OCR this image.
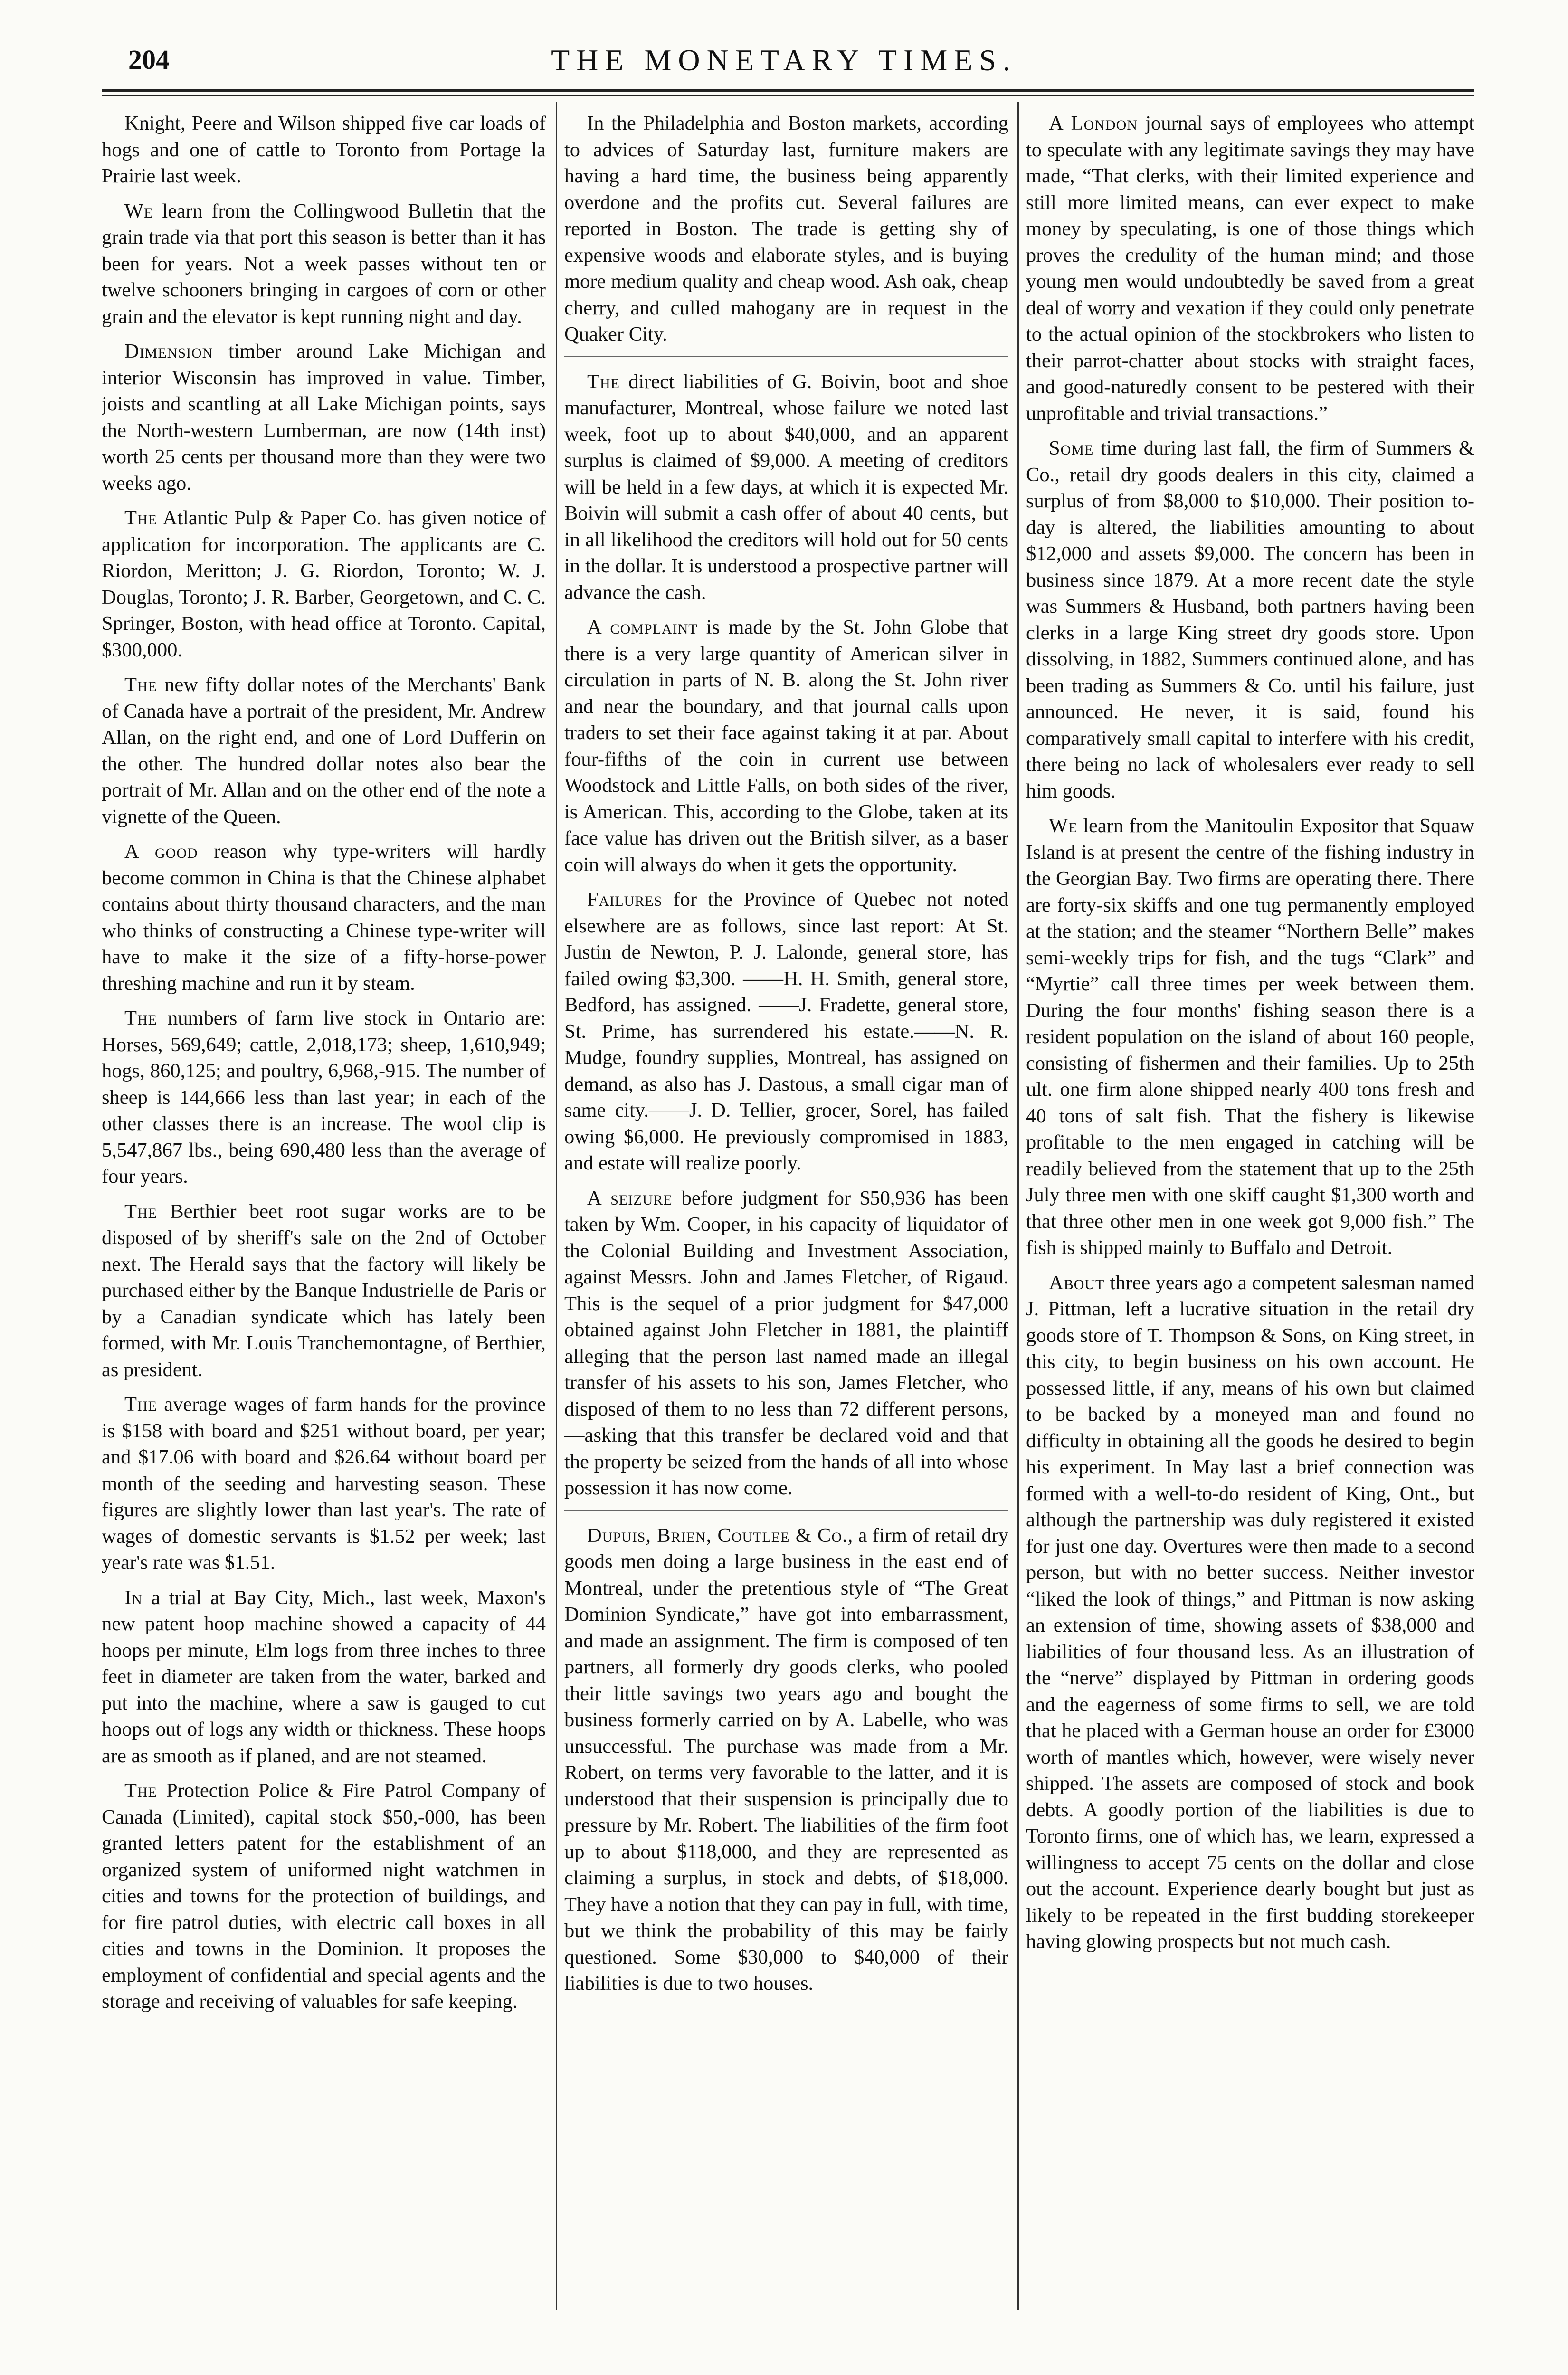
204	THE MONETARY TIMES.

Knight, Peere and Wilson shipped five car loads of hogs and one of cattle to Toronto from Portage la Prairie last week.

We learn from the Collingwood Bulletin that the grain trade via that port this season is better than it has been for years. Not a week passes without ten or twelve schooners bringing in cargoes of corn or other grain and the elevator is kept running night and day.

Dimension timber around Lake Michigan and interior Wisconsin has improved in value. Timber, joists and scantling at all Lake Michigan points, says the North-western Lumberman, are now (14th inst) worth 25 cents per thousand more than they were two weeks ago.

The Atlantic Pulp & Paper Co. has given notice of application for incorporation. The applicants are C. Riordon, Meritton; J. G. Riordon, Toronto; W. J. Douglas, Toronto; J. R. Barber, Georgetown, and C. C. Springer, Boston, with head office at Toronto. Capital, $300,000.

The new fifty dollar notes of the Merchants' Bank of Canada have a portrait of the president, Mr. Andrew Allan, on the right end, and one of Lord Dufferin on the other. The hundred dollar notes also bear the portrait of Mr. Allan and on the other end of the note a vignette of the Queen.

A good reason why type-writers will hardly become common in China is that the Chinese alphabet contains about thirty thousand characters, and the man who thinks of constructing a Chinese type-writer will have to make it the size of a fifty-horse-power threshing machine and run it by steam.

The numbers of farm live stock in Ontario are: Horses, 569,649; cattle, 2,018,173; sheep, 1,610,949; hogs, 860,125; and poultry, 6,968,-915. The number of sheep is 144,666 less than last year; in each of the other classes there is an increase. The wool clip is 5,547,867 lbs., being 690,480 less than the average of four years.

The Berthier beet root sugar works are to be disposed of by sheriff's sale on the 2nd of October next. The Herald says that the factory will likely be purchased either by the Banque Industrielle de Paris or by a Canadian syndicate which has lately been formed, with Mr. Louis Tranchemontagne, of Berthier, as president.

The average wages of farm hands for the province is $158 with board and $251 without board, per year; and $17.06 with board and $26.64 without board per month of the seeding and harvesting season. These figures are slightly lower than last year's. The rate of wages of domestic servants is $1.52 per week; last year's rate was $1.51.

In a trial at Bay City, Mich., last week, Maxon's new patent hoop machine showed a capacity of 44 hoops per minute, Elm logs from three inches to three feet in diameter are taken from the water, barked and put into the machine, where a saw is gauged to cut hoops out of logs any width or thickness. These hoops are as smooth as if planed, and are not steamed.

The Protection Police & Fire Patrol Company of Canada (Limited), capital stock $50,-000, has been granted letters patent for the establishment of an organized system of uniformed night watchmen in cities and towns for the protection of buildings, and for fire patrol duties, with electric call boxes in all cities and towns in the Dominion. It proposes the employment of confidential and special agents and the storage and receiving of valuables for safe keeping.

In the Philadelphia and Boston markets, according to advices of Saturday last, furniture makers are having a hard time, the business being apparently overdone and the profits cut. Several failures are reported in Boston. The trade is getting shy of expensive woods and elaborate styles, and is buying more medium quality and cheap wood. Ash oak, cheap cherry, and culled mahogany are in request in the Quaker City.

The direct liabilities of G. Boivin, boot and shoe manufacturer, Montreal, whose failure we noted last week, foot up to about $40,000, and an apparent surplus is claimed of $9,000. A meeting of creditors will be held in a few days, at which it is expected Mr. Boivin will submit a cash offer of about 40 cents, but in all likelihood the creditors will hold out for 50 cents in the dollar. It is understood a prospective partner will advance the cash.

A complaint is made by the St. John Globe that there is a very large quantity of American silver in circulation in parts of N. B. along the St. John river and near the boundary, and that journal calls upon traders to set their face against taking it at par. About four-fifths of the coin in current use between Woodstock and Little Falls, on both sides of the river, is American. This, according to the Globe, taken at its face value has driven out the British silver, as a baser coin will always do when it gets the opportunity.

Failures for the Province of Quebec not noted elsewhere are as follows, since last report: At St. Justin de Newton, P. J. Lalonde, general store, has failed owing $3,300. ——H. H. Smith, general store, Bedford, has assigned. ——J. Fradette, general store, St. Prime, has surrendered his estate.——N. R. Mudge, foundry supplies, Montreal, has assigned on demand, as also has J. Dastous, a small cigar man of same city.——J. D. Tellier, grocer, Sorel, has failed owing $6,000. He previously compromised in 1883, and estate will realize poorly.

A seizure before judgment for $50,936 has been taken by Wm. Cooper, in his capacity of liquidator of the Colonial Building and Investment Association, against Messrs. John and James Fletcher, of Rigaud. This is the sequel of a prior judgment for $47,000 obtained against John Fletcher in 1881, the plaintiff alleging that the person last named made an illegal transfer of his assets to his son, James Fletcher, who disposed of them to no less than 72 different persons,—asking that this transfer be declared void and that the property be seized from the hands of all into whose possession it has now come.

Dupuis, Brien, Coutlee & Co., a firm of retail dry goods men doing a large business in the east end of Montreal, under the pretentious style of “The Great Dominion Syndicate,” have got into embarrassment, and made an assignment. The firm is composed of ten partners, all formerly dry goods clerks, who pooled their little savings two years ago and bought the business formerly carried on by A. Labelle, who was unsuccessful. The purchase was made from a Mr. Robert, on terms very favorable to the latter, and it is understood that their suspension is principally due to pressure by Mr. Robert. The liabilities of the firm foot up to about $118,000, and they are represented as claiming a surplus, in stock and debts, of $18,000. They have a notion that they can pay in full, with time, but we think the probability of this may be fairly questioned. Some $30,000 to $40,000 of their liabilities is due to two houses.

A London journal says of employees who attempt to speculate with any legitimate savings they may have made, “That clerks, with their limited experience and still more limited means, can ever expect to make money by speculating, is one of those things which proves the credulity of the human mind; and those young men would undoubtedly be saved from a great deal of worry and vexation if they could only penetrate to the actual opinion of the stockbrokers who listen to their parrot-chatter about stocks with straight faces, and good-naturedly consent to be pestered with their unprofitable and trivial transactions.”

Some time during last fall, the firm of Summers & Co., retail dry goods dealers in this city, claimed a surplus of from $8,000 to $10,000. Their position to-day is altered, the liabilities amounting to about $12,000 and assets $9,000. The concern has been in business since 1879. At a more recent date the style was Summers & Husband, both partners having been clerks in a large King street dry goods store. Upon dissolving, in 1882, Summers continued alone, and has been trading as Summers & Co. until his failure, just announced. He never, it is said, found his comparatively small capital to interfere with his credit, there being no lack of wholesalers ever ready to sell him goods.

We learn from the Manitoulin Expositor that Squaw Island is at present the centre of the fishing industry in the Georgian Bay. Two firms are operating there. There are forty-six skiffs and one tug permanently employed at the station; and the steamer “Northern Belle” makes semi-weekly trips for fish, and the tugs “Clark” and “Myrtie” call three times per week between them. During the four months' fishing season there is a resident population on the island of about 160 people, consisting of fishermen and their families. Up to 25th ult. one firm alone shipped nearly 400 tons fresh and 40 tons of salt fish. That the fishery is likewise profitable to the men engaged in catching will be readily believed from the statement that up to the 25th July three men with one skiff caught $1,300 worth and that three other men in one week got 9,000 fish.” The fish is shipped mainly to Buffalo and Detroit.

About three years ago a competent salesman named J. Pittman, left a lucrative situation in the retail dry goods store of T. Thompson & Sons, on King street, in this city, to begin business on his own account. He possessed little, if any, means of his own but claimed to be backed by a moneyed man and found no difficulty in obtaining all the goods he desired to begin his experiment. In May last a brief connection was formed with a well-to-do resident of King, Ont., but although the partnership was duly registered it existed for just one day. Overtures were then made to a second person, but with no better success. Neither investor “liked the look of things,” and Pittman is now asking an extension of time, showing assets of $38,000 and liabilities of four thousand less. As an illustration of the “nerve” displayed by Pittman in ordering goods and the eagerness of some firms to sell, we are told that he placed with a German house an order for £3000 worth of mantles which, however, were wisely never shipped. The assets are composed of stock and book debts. A goodly portion of the liabilities is due to Toronto firms, one of which has, we learn, expressed a willingness to accept 75 cents on the dollar and close out the account. Experience dearly bought but just as likely to be repeated in the first budding storekeeper having glowing prospects but not much cash.
